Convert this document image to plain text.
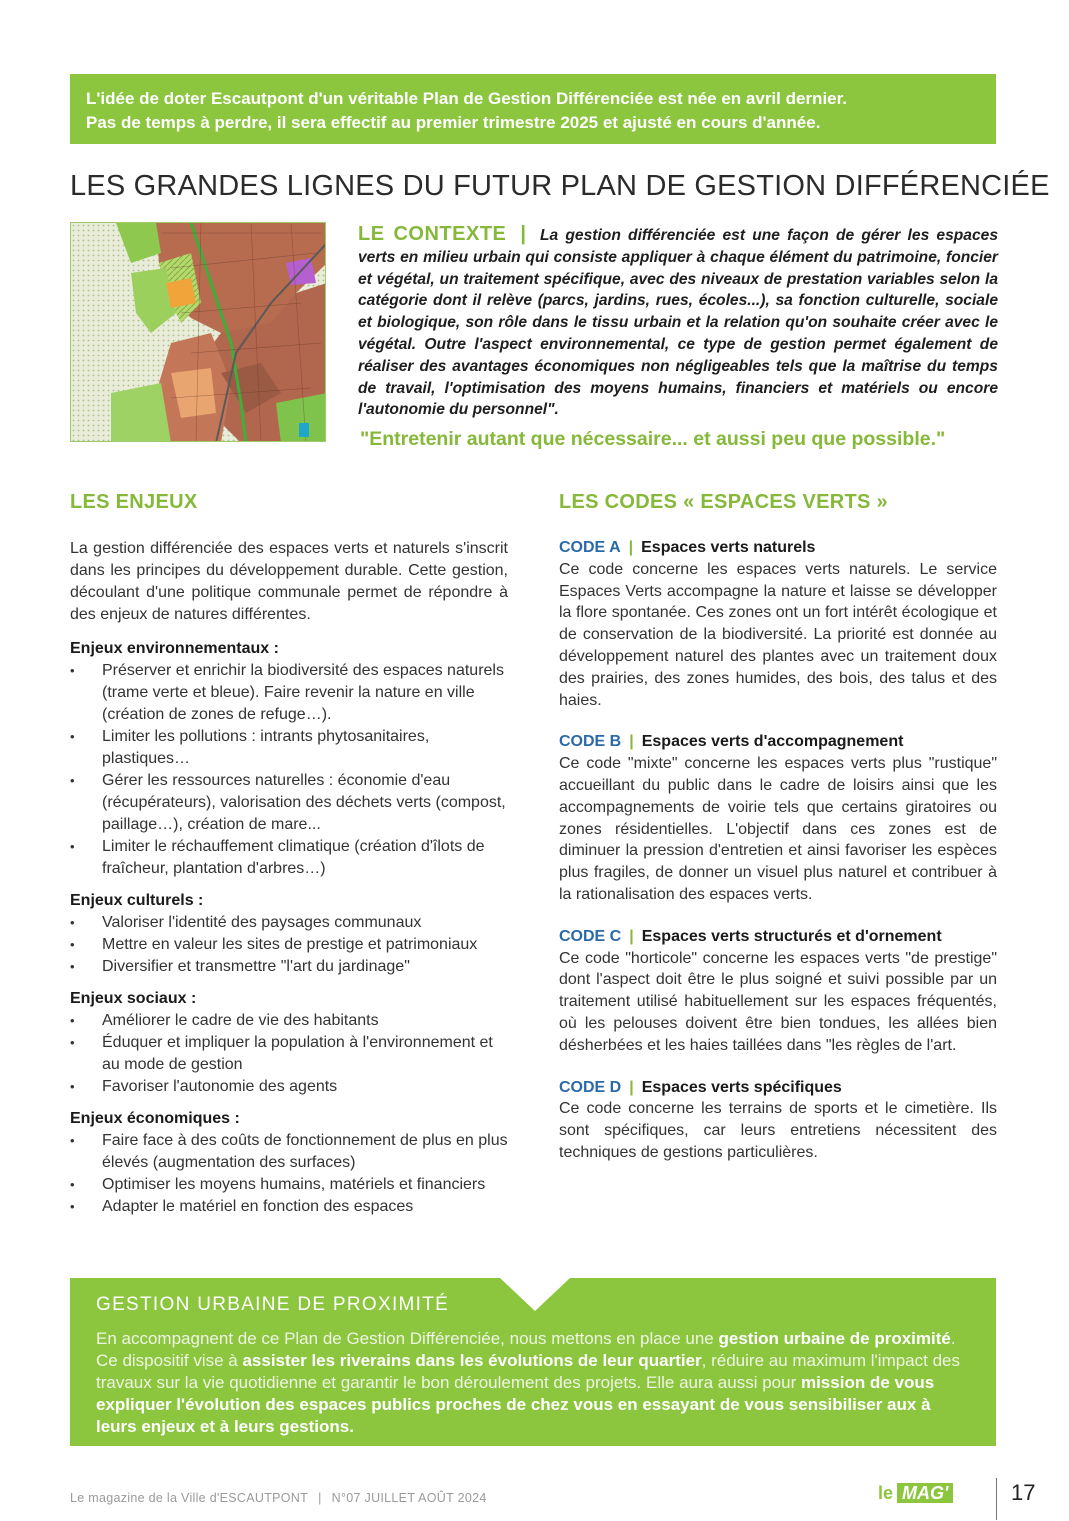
L'idée de doter Escautpont d'un véritable Plan de Gestion Différenciée est née en avril dernier.
Pas de temps à perdre, il sera effectif au premier trimestre 2025 et ajusté en cours d'année.
LES GRANDES LIGNES DU FUTUR PLAN DE GESTION DIFFÉRENCIÉE
LE CONTEXTE | La gestion différenciée est une façon de gérer les espaces verts en milieu urbain qui consiste appliquer à chaque élément du patrimoine, foncier et végétal, un traitement spécifique, avec des niveaux de prestation variables selon la catégorie dont il relève (parcs, jardins, rues, écoles...), sa fonction culturelle, sociale et biologique, son rôle dans le tissu urbain et la relation qu'on souhaite créer avec le végétal. Outre l'aspect environnemental, ce type de gestion permet également de réaliser des avantages économiques non négligeables tels que la maîtrise du temps de travail, l'optimisation des moyens humains, financiers et matériels ou encore l'autonomie du personnel".
"Entretenir autant que nécessaire... et aussi peu que possible."
LES ENJEUX	LES CODES « ESPACES VERTS »

La gestion différenciée des espaces verts et naturels s'inscrit dans les principes du développement durable. Cette gestion, découlant d'une politique communale permet de répondre à des enjeux de natures différentes.

Enjeux environnementaux :
• Préserver et enrichir la biodiversité des espaces naturels (trame verte et bleue). Faire revenir la nature en ville (création de zones de refuge…).
• Limiter les pollutions : intrants phytosanitaires, plastiques…
• Gérer les ressources naturelles : économie d'eau (récupérateurs), valorisation des déchets verts (compost, paillage…), création de mare...
• Limiter le réchauffement climatique (création d'îlots de fraîcheur, plantation d'arbres…)
Enjeux culturels :
• Valoriser l'identité des paysages communaux
• Mettre en valeur les sites de prestige et patrimoniaux
• Diversifier et transmettre "l'art du jardinage"
Enjeux sociaux :
• Améliorer le cadre de vie des habitants
• Éduquer et impliquer la population à l'environnement et au mode de gestion
• Favoriser l'autonomie des agents
Enjeux économiques :
• Faire face à des coûts de fonctionnement de plus en plus élevés (augmentation des surfaces)
• Optimiser les moyens humains, matériels et financiers
• Adapter le matériel en fonction des espaces
CODE A | Espaces verts naturels
Ce code concerne les espaces verts naturels. Le service Espaces Verts accompagne la nature et laisse se développer la flore spontanée. Ces zones ont un fort intérêt écologique et de conservation de la biodiversité. La priorité est donnée au développement naturel des plantes avec un traitement doux des prairies, des zones humides, des bois, des talus et des haies.
CODE B | Espaces verts d'accompagnement
Ce code "mixte" concerne les espaces verts plus "rustique" accueillant du public dans le cadre de loisirs ainsi que les accompagnements de voirie tels que certains giratoires ou zones résidentielles. L'objectif dans ces zones est de diminuer la pression d'entretien et ainsi favoriser les espèces plus fragiles, de donner un visuel plus naturel et contribuer à la rationalisation des espaces verts.
CODE C | Espaces verts structurés et d'ornement
Ce code "horticole" concerne les espaces verts "de prestige" dont l'aspect doit être le plus soigné et suivi possible par un traitement utilisé habituellement sur les espaces fréquentés, où les pelouses doivent être bien tondues, les allées bien désherbées et les haies taillées dans "les règles de l'art.
CODE D | Espaces verts spécifiques
Ce code concerne les terrains de sports et le cimetière. Ils sont spécifiques, car leurs entretiens nécessitent des techniques de gestions particulières.
GESTION URBAINE DE PROXIMITÉ

En accompagnent de ce Plan de Gestion Différenciée, nous mettons en place une gestion urbaine de proximité. Ce dispositif vise à assister les riverains dans les évolutions de leur quartier, réduire au maximum l'impact des travaux sur la vie quotidienne et garantir le bon déroulement des projets. Elle aura aussi pour mission de vous expliquer l'évolution des espaces publics proches de chez vous en essayant de vous sensibiliser aux à leurs enjeux et à leurs gestions.

Le magazine de la Ville d'ESCAUTPONT | N°07 JUILLET AOÛT 2024	le MAG'	17
